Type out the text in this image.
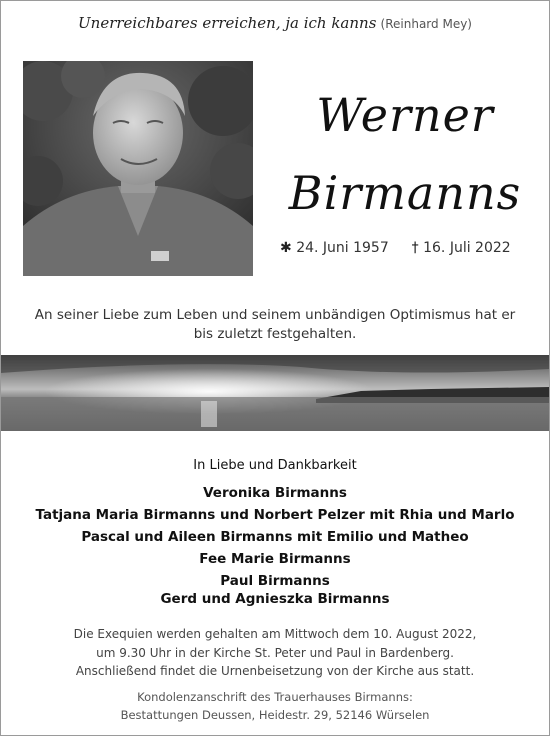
Unerreichbares erreichen, ja ich kanns (Reinhard Mey)
Werner
Birmanns
✱ 24. Juni 1957 † 16. Juli 2022
An seiner Liebe zum Leben und seinem unbändigen Optimismus hat er
bis zuletzt festgehalten.
In Liebe und Dankbarkeit
Veronika Birmanns
Tatjana Maria Birmanns und Norbert Pelzer mit Rhia und Marlo
Pascal und Aileen Birmanns mit Emilio und Matheo
Fee Marie Birmanns
Paul Birmanns
Gerd und Agnieszka Birmanns
Die Exequien werden gehalten am Mittwoch dem 10. August 2022,
um 9.30 Uhr in der Kirche St. Peter und Paul in Bardenberg.
Anschließend findet die Urnenbeisetzung von der Kirche aus statt.
Kondolenzanschrift des Trauerhauses Birmanns:
Bestattungen Deussen, Heidestr. 29, 52146 Würselen
